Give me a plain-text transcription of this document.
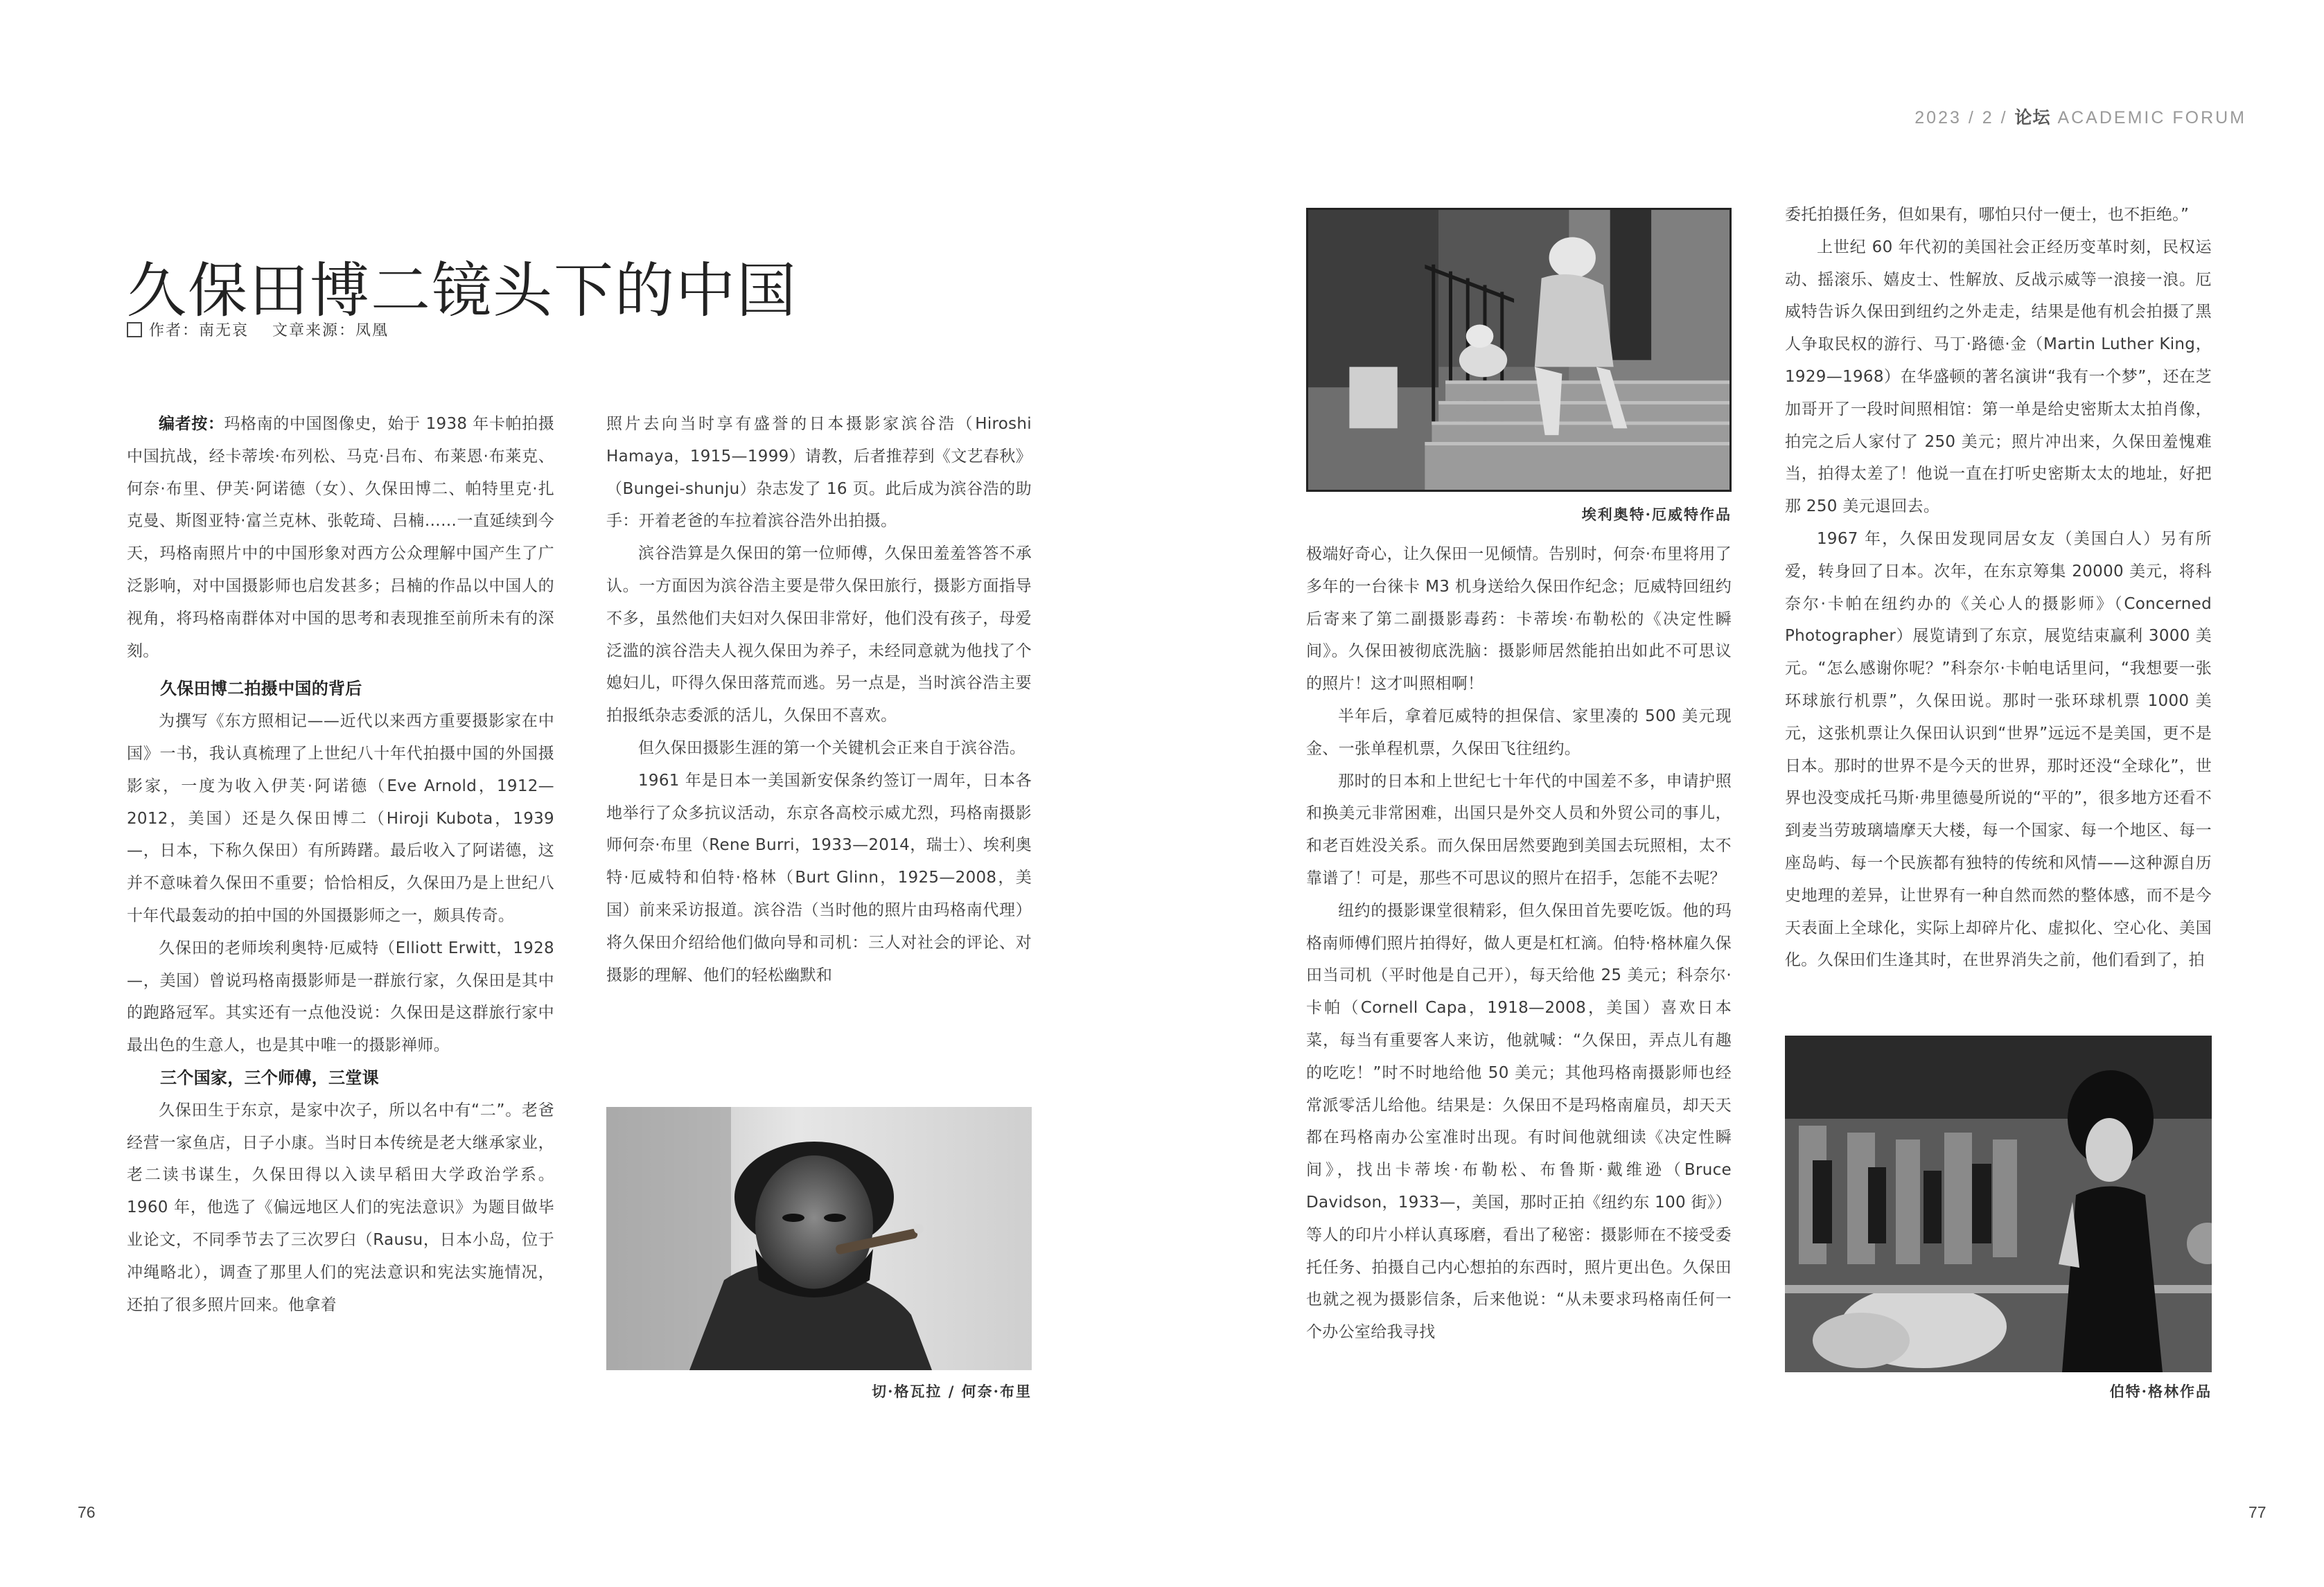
久保田博二镜头下的中国
作者：南无哀 文章来源：凤凰

编者按：玛格南的中国图像史，始于 1938 年卡帕拍摄中国抗战，经卡蒂埃·布列松、马克·吕布、布莱恩·布莱克、何奈·布里、伊芙·阿诺德（女）、久保田博二、帕特里克·扎克曼、斯图亚特·富兰克林、张乾琦、吕楠……一直延续到今天，玛格南照片中的中国形象对西方公众理解中国产生了广泛影响，对中国摄影师也启发甚多；吕楠的作品以中国人的视角，将玛格南群体对中国的思考和表现推至前所未有的深刻。

久保田博二拍摄中国的背后

为撰写《东方照相记——近代以来西方重要摄影家在中国》一书，我认真梳理了上世纪八十年代拍摄中国的外国摄影家，一度为收入伊芙·阿诺德（Eve Arnold，1912—2012，美国）还是久保田博二（Hiroji Kubota，1939—，日本，下称久保田）有所踌躇。最后收入了阿诺德，这并不意味着久保田不重要；恰恰相反，久保田乃是上世纪八十年代最轰动的拍中国的外国摄影师之一，颇具传奇。

久保田的老师埃利奥特·厄威特（Elliott Erwitt，1928—，美国）曾说玛格南摄影师是一群旅行家，久保田是其中的跑路冠军。其实还有一点他没说：久保田是这群旅行家中最出色的生意人，也是其中唯一的摄影禅师。

三个国家，三个师傅，三堂课

久保田生于东京，是家中次子，所以名中有“二”。老爸经营一家鱼店，日子小康。当时日本传统是老大继承家业，老二读书谋生，久保田得以入读早稻田大学政治学系。1960 年，他选了《偏远地区人们的宪法意识》为题目做毕业论文，不同季节去了三次罗臼（Rausu，日本小岛，位于冲绳略北），调查了那里人们的宪法意识和宪法实施情况，还拍了很多照片回来。他拿着

照片去向当时享有盛誉的日本摄影家滨谷浩（Hiroshi Hamaya，1915—1999）请教，后者推荐到《文艺春秋》（Bungei-shunju）杂志发了 16 页。此后成为滨谷浩的助手：开着老爸的车拉着滨谷浩外出拍摄。

滨谷浩算是久保田的第一位师傅，久保田羞羞答答不承认。一方面因为滨谷浩主要是带久保田旅行，摄影方面指导不多，虽然他们夫妇对久保田非常好，他们没有孩子，母爱泛滥的滨谷浩夫人视久保田为养子，未经同意就为他找了个媳妇儿，吓得久保田落荒而逃。另一点是，当时滨谷浩主要拍报纸杂志委派的活儿，久保田不喜欢。

但久保田摄影生涯的第一个关键机会正来自于滨谷浩。

1961 年是日本一美国新安保条约签订一周年，日本各地举行了众多抗议活动，东京各高校示威尤烈，玛格南摄影师何奈·布里（Rene Burri，1933—2014，瑞士）、埃利奥特·厄威特和伯特·格林（Burt Glinn，1925—2008，美国）前来采访报道。滨谷浩（当时他的照片由玛格南代理）将久保田介绍给他们做向导和司机：三人对社会的评论、对摄影的理解、他们的轻松幽默和

切·格瓦拉 / 何奈·布里
76
2023 / 2 / 论坛 ACADEMIC FORUM
埃利奥特·厄威特作品

极端好奇心，让久保田一见倾情。告别时，何奈·布里将用了多年的一台徕卡 M3 机身送给久保田作纪念；厄威特回纽约后寄来了第二副摄影毒药：卡蒂埃·布勒松的《决定性瞬间》。久保田被彻底洗脑：摄影师居然能拍出如此不可思议的照片！这才叫照相啊！

半年后，拿着厄威特的担保信、家里凑的 500 美元现金、一张单程机票，久保田飞往纽约。

那时的日本和上世纪七十年代的中国差不多，申请护照和换美元非常困难，出国只是外交人员和外贸公司的事儿，和老百姓没关系。而久保田居然要跑到美国去玩照相，太不靠谱了！可是，那些不可思议的照片在招手，怎能不去呢？

纽约的摄影课堂很精彩，但久保田首先要吃饭。他的玛格南师傅们照片拍得好，做人更是杠杠滴。伯特·格林雇久保田当司机（平时他是自己开），每天给他 25 美元；科奈尔·卡帕（Cornell Capa，1918—2008，美国）喜欢日本菜，每当有重要客人来访，他就喊：“久保田，弄点儿有趣的吃吃！”时不时地给他 50 美元；其他玛格南摄影师也经常派零活儿给他。结果是：久保田不是玛格南雇员，却天天都在玛格南办公室准时出现。有时间他就细读《决定性瞬间》，找出卡蒂埃·布勒松、布鲁斯·戴维逊（Bruce Davidson，1933—，美国，那时正拍《纽约东 100 街》）等人的印片小样认真琢磨，看出了秘密：摄影师在不接受委托任务、拍摄自己内心想拍的东西时，照片更出色。久保田也就之视为摄影信条，后来他说：“从未要求玛格南任何一个办公室给我寻找

委托拍摄任务，但如果有，哪怕只付一便士，也不拒绝。”

上世纪 60 年代初的美国社会正经历变革时刻，民权运动、摇滚乐、嬉皮士、性解放、反战示威等一浪接一浪。厄威特告诉久保田到纽约之外走走，结果是他有机会拍摄了黑人争取民权的游行、马丁·路德·金（Martin Luther King，1929—1968）在华盛顿的著名演讲“我有一个梦”，还在芝加哥开了一段时间照相馆：第一单是给史密斯太太拍肖像，拍完之后人家付了 250 美元；照片冲出来，久保田羞愧难当，拍得太差了！他说一直在打听史密斯太太的地址，好把那 250 美元退回去。

1967 年，久保田发现同居女友（美国白人）另有所爱，转身回了日本。次年，在东京筹集 20000 美元，将科奈尔·卡帕在纽约办的《关心人的摄影师》（Concerned Photographer）展览请到了东京，展览结束赢利 3000 美元。“怎么感谢你呢？”科奈尔·卡帕电话里问，“我想要一张环球旅行机票”，久保田说。那时一张环球机票 1000 美元，这张机票让久保田认识到“世界”远远不是美国，更不是日本。那时的世界不是今天的世界，那时还没“全球化”，世界也没变成托马斯·弗里德曼所说的“平的”，很多地方还看不到麦当劳玻璃墙摩天大楼，每一个国家、每一个地区、每一座岛屿、每一个民族都有独特的传统和风情——这种源自历史地理的差异，让世界有一种自然而然的整体感，而不是今天表面上全球化，实际上却碎片化、虚拟化、空心化、美国化。久保田们生逢其时，在世界消失之前，他们看到了，拍

伯特·格林作品
77
